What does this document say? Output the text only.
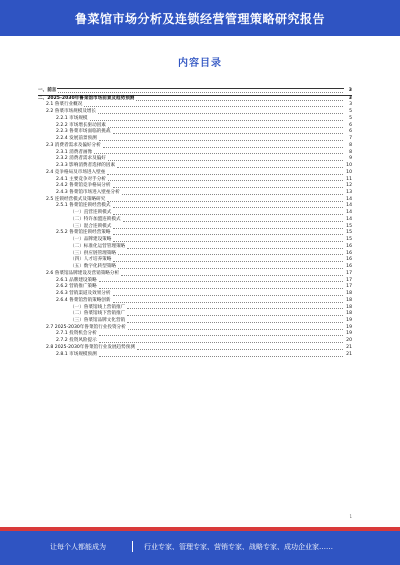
鲁菜馆市场分析及连锁经营管理策略研究报告
内容目录
一、前言	3
二、2025-2030年鲁菜馆市场前景及趋势预测	3
2.1 鲁菜行业概况	3
2.2 鲁菜市场规模及增长	5
2.2.1 市场规模	5
2.2.2 市场增长驱动因素	6
2.2.3 鲁菜市场面临的挑战	6
2.2.4 发展前景预测	7
2.3 消费者需求及偏好分析	8
2.3.1 消费者画像	8
2.3.2 消费者需求及偏好	9
2.3.3 影响消费者选择的因素	10
2.4 竞争格局及市场进入壁垒	10
2.4.1 主要竞争对手分析	11
2.4.2 鲁菜馆竞争格局分析	12
2.4.3 鲁菜馆市场进入壁垒分析	13
2.5 连锁经营模式及策略研究	14
2.5.1 鲁菜馆连锁经营模式	14
（一）直营连锁模式	14
（二）特许加盟连锁模式	14
（三）混合连锁模式	15
2.5.2 鲁菜馆连锁经营策略	15
（一）品牌建设策略	15
（二）标准化运营管理策略	16
（三）供应链管理策略	16
（四）人才培养策略	16
（五）数字化转型策略	16
2.6 鲁菜馆品牌建设及营销策略分析	17
2.6.1 品牌建设策略	17
2.6.2 营销推广策略	17
2.6.3 营销渠道及效果分析	18
2.6.4 鲁菜馆营销策略创新	18
（一）鲁菜馆线上营销推广	18
（二）鲁菜馆线下营销推广	18
（三）鲁菜馆品牌文化营销	19
2.7 2025-2030年鲁菜馆行业投资分析	19
2.7.1 投资机会分析	19
2.7.2 投资风险提示	20
2.8 2025-2030年鲁菜馆行业发展趋势预测	21
2.8.1 市场规模预测	21
1
让每个人都能成为	行业专家、管理专家、营销专家、战略专家、成功企业家……
